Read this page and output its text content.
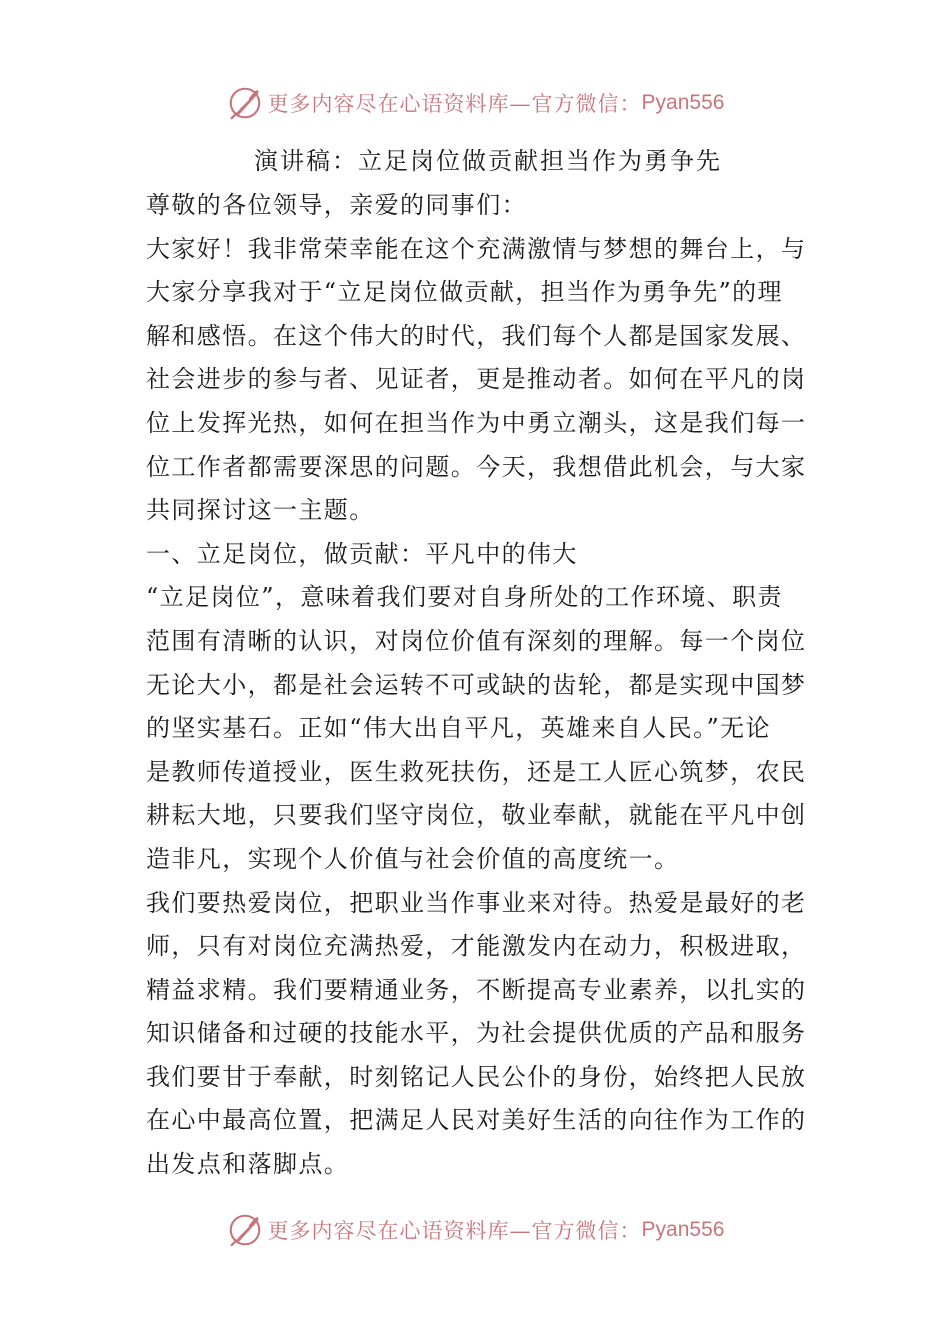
更多内容尽在心语资料库—官方微信： Pyan556

演讲稿：立足岗位做贡献担当作为勇争先

尊敬的各位领导，亲爱的同事们：

大家好！我非常荣幸能在这个充满激情与梦想的舞台上，与

大家分享我对于“立足岗位做贡献，担当作为勇争先”的理

解和感悟。在这个伟大的时代，我们每个人都是国家发展、

社会进步的参与者、见证者，更是推动者。如何在平凡的岗

位上发挥光热，如何在担当作为中勇立潮头，这是我们每一

位工作者都需要深思的问题。今天，我想借此机会，与大家

共同探讨这一主题。

一、立足岗位，做贡献：平凡中的伟大

“立足岗位”，意味着我们要对自身所处的工作环境、职责

范围有清晰的认识，对岗位价值有深刻的理解。每一个岗位

无论大小，都是社会运转不可或缺的齿轮，都是实现中国梦

的坚实基石。正如“伟大出自平凡，英雄来自人民。”无论

是教师传道授业，医生救死扶伤，还是工人匠心筑梦，农民

耕耘大地，只要我们坚守岗位，敬业奉献，就能在平凡中创

造非凡，实现个人价值与社会价值的高度统一。

我们要热爱岗位，把职业当作事业来对待。热爱是最好的老

师，只有对岗位充满热爱，才能激发内在动力，积极进取，

精益求精。我们要精通业务，不断提高专业素养，以扎实的

知识储备和过硬的技能水平，为社会提供优质的产品和服务

我们要甘于奉献，时刻铭记人民公仆的身份，始终把人民放

在心中最高位置，把满足人民对美好生活的向往作为工作的

出发点和落脚点。

更多内容尽在心语资料库—官方微信： Pyan556
